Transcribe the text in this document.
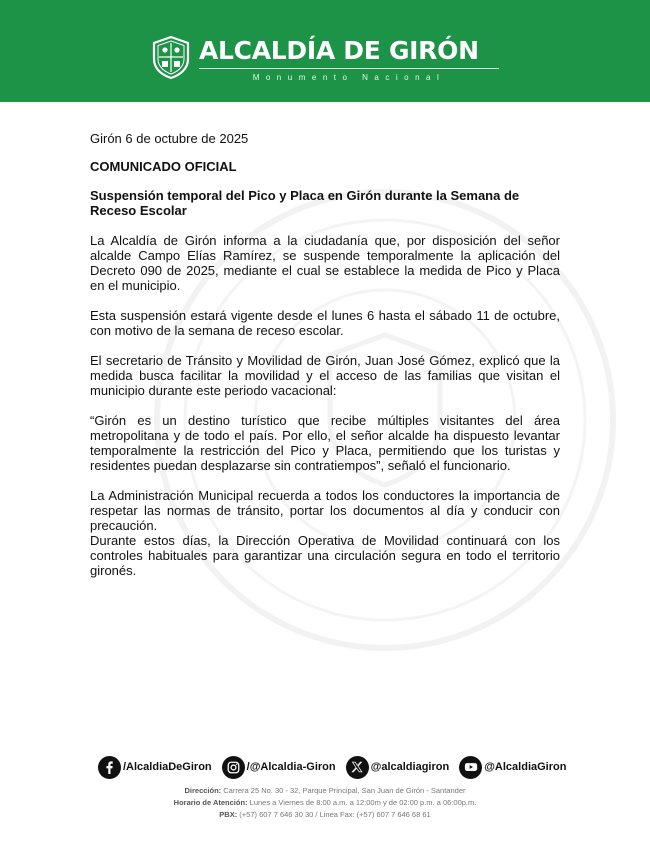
ALCALDÍA DE GIRÓN
Monumento Nacional

Girón 6 de octubre de 2025

COMUNICADO OFICIAL

Suspensión temporal del Pico y Placa en Girón durante la Semana de Receso Escolar

La Alcaldía de Girón informa a la ciudadanía que, por disposición del señor alcalde Campo Elías Ramírez, se suspende temporalmente la aplicación del Decreto 090 de 2025, mediante el cual se establece la medida de Pico y Placa en el municipio.

Esta suspensión estará vigente desde el lunes 6 hasta el sábado 11 de octubre, con motivo de la semana de receso escolar.

El secretario de Tránsito y Movilidad de Girón, Juan José Gómez, explicó que la medida busca facilitar la movilidad y el acceso de las familias que visitan el municipio durante este periodo vacacional:

“Girón es un destino turístico que recibe múltiples visitantes del área metropolitana y de todo el país. Por ello, el señor alcalde ha dispuesto levantar temporalmente la restricción del Pico y Placa, permitiendo que los turistas y residentes puedan desplazarse sin contratiempos”, señaló el funcionario.

La Administración Municipal recuerda a todos los conductores la importancia de respetar las normas de tránsito, portar los documentos al día y conducir con precaución.

Durante estos días, la Dirección Operativa de Movilidad continuará con los controles habituales para garantizar una circulación segura en todo el territorio gironés.

/AlcaldiaDeGiron	/@Alcaldia-Giron	@alcaldiagiron	@AlcaldiaGiron
Dirección: Carrera 25 No. 30 - 32, Parque Principal, San Juan de Girón - Santander
Horario de Atención: Lunes a Viernes de 8:00 a.m. a 12:00m y de 02:00 p.m. a 06:00p.m.
PBX: (+57) 607 7 646 30 30 / Linea Fax: (+57) 607 7 646 68 61
